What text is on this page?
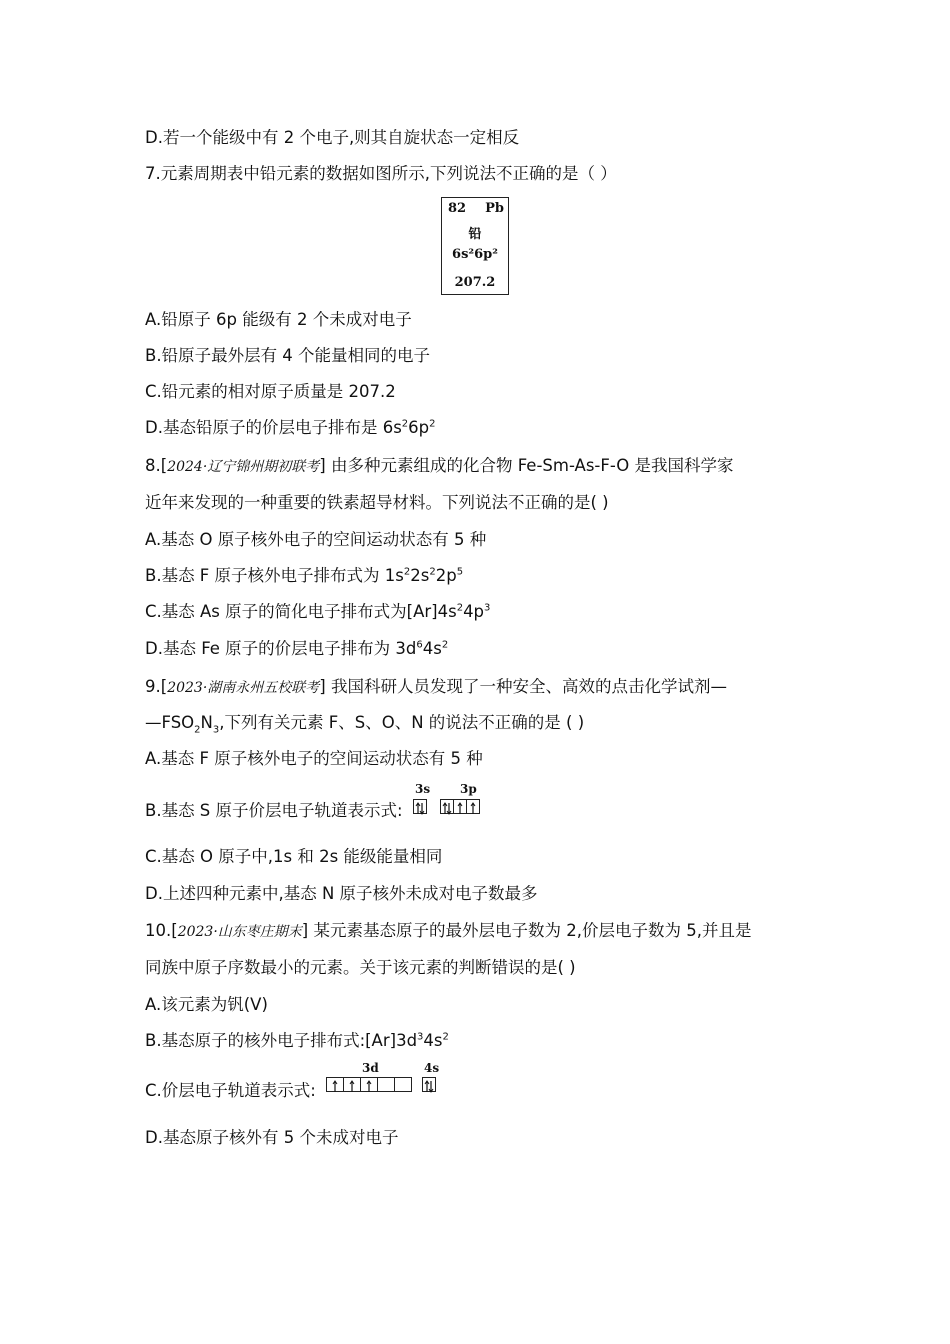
D.若一个能级中有 2 个电子,则其自旋状态一定相反
7.元素周期表中铅元素的数据如图所示,下列说法不正确的是（ ）
82 Pb
铅
6s²6p²
207.2
A.铅原子 6p 能级有 2 个未成对电子
B.铅原子最外层有 4 个能量相同的电子
C.铅元素的相对原子质量是 207.2
D.基态铅原子的价层电子排布是 $6s^26p^2$
8.[2024·辽宁锦州期初联考] 由多种元素组成的化合物 Fe-Sm-As-F-O 是我国科学家
近年来发现的一种重要的铁素超导材料。下列说法不正确的是( )
A.基态 O 原子核外电子的空间运动状态有 5 种
B.基态 F 原子核外电子排布式为 $1s^22s^22p^5$
C.基态 As 原子的简化电子排布式为$[Ar]4s^24p^3$
D.基态 Fe 原子的价层电子排布为 $3d^64s^2$
9.[2023·湖南永州五校联考] 我国科研人员发现了一种安全、高效的点击化学试剂—
$—FSO_2N_3$,下列有关元素 F、S、O、N 的说法不正确的是 ( )
A.基态 F 原子核外电子的空间运动状态有 5 种
B.基态 S 原子价层电子轨道表示式:
3s 3p
C.基态 O 原子中,1s 和 2s 能级能量相同
D.上述四种元素中,基态 N 原子核外未成对电子数最多
10.[2023·山东枣庄期末] 某元素基态原子的最外层电子数为 2,价层电子数为 5,并且是
同族中原子序数最小的元素。关于该元素的判断错误的是( )
A.该元素为钒(V)
B.基态原子的核外电子排布式$:[Ar]3d^34s^2$
C.价层电子轨道表示式:
3d	4s
D.基态原子核外有 5 个未成对电子
